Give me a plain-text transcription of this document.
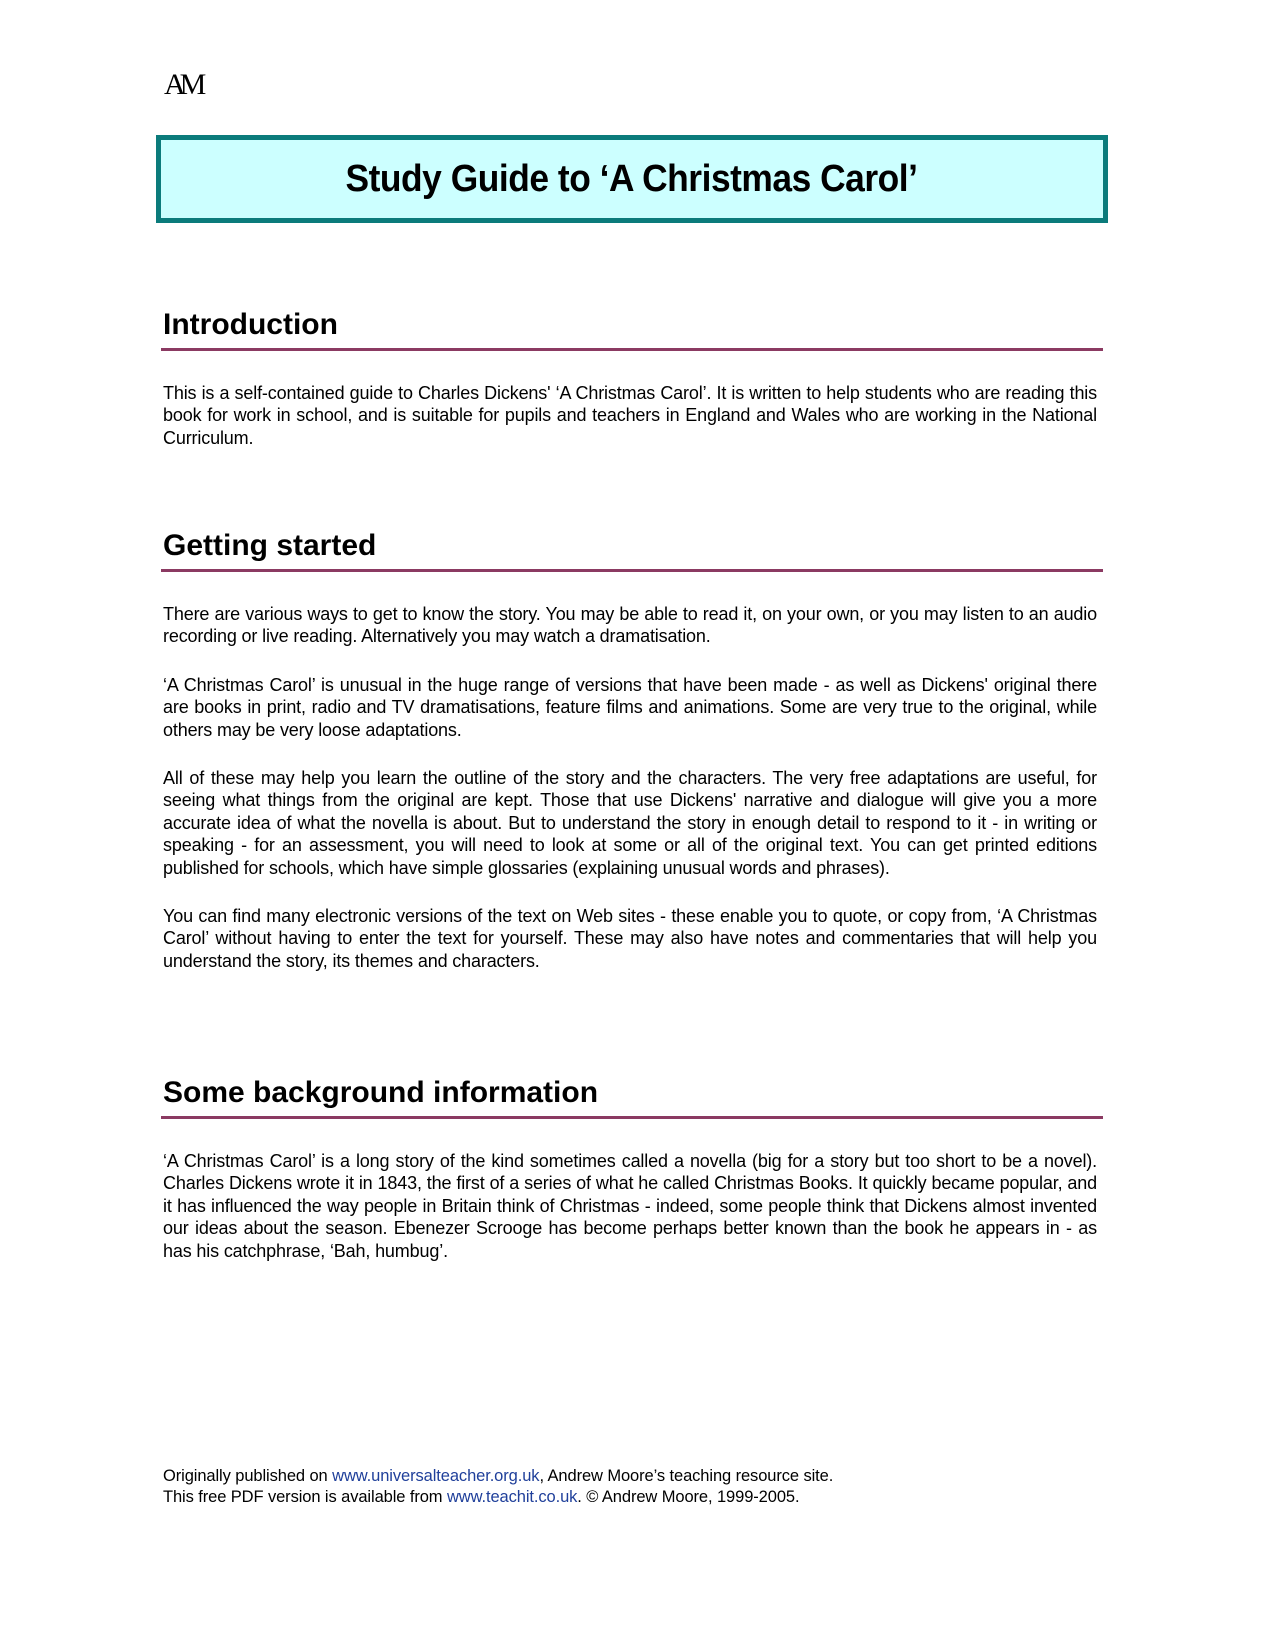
AM
Study Guide to ‘A Christmas Carol’
Introduction

This is a self-contained guide to Charles Dickens' ‘A Christmas Carol’. It is written to help students who are reading this book for work in school, and is suitable for pupils and teachers in England and Wales who are working in the National Curriculum.

Getting started

There are various ways to get to know the story. You may be able to read it, on your own, or you may listen to an audio recording or live reading. Alternatively you may watch a dramatisation.

‘A Christmas Carol’ is unusual in the huge range of versions that have been made - as well as Dickens' original there are books in print, radio and TV dramatisations, feature films and animations. Some are very true to the original, while others may be very loose adaptations.

All of these may help you learn the outline of the story and the characters. The very free adaptations are useful, for seeing what things from the original are kept. Those that use Dickens' narrative and dialogue will give you a more accurate idea of what the novella is about. But to understand the story in enough detail to respond to it - in writing or speaking - for an assessment, you will need to look at some or all of the original text. You can get printed editions published for schools, which have simple glossaries (explaining unusual words and phrases).

You can find many electronic versions of the text on Web sites - these enable you to quote, or copy from, ‘A Christmas Carol’ without having to enter the text for yourself. These may also have notes and commentaries that will help you understand the story, its themes and characters.

Some background information

‘A Christmas Carol’ is a long story of the kind sometimes called a novella (big for a story but too short to be a novel). Charles Dickens wrote it in 1843, the first of a series of what he called Christmas Books. It quickly became popular, and it has influenced the way people in Britain think of Christmas - indeed, some people think that Dickens almost invented our ideas about the season. Ebenezer Scrooge has become perhaps better known than the book he appears in - as has his catchphrase, ‘Bah, humbug’.

Originally published on www.universalteacher.org.uk, Andrew Moore’s teaching resource site.
This free PDF version is available from www.teachit.co.uk. © Andrew Moore, 1999-2005.
